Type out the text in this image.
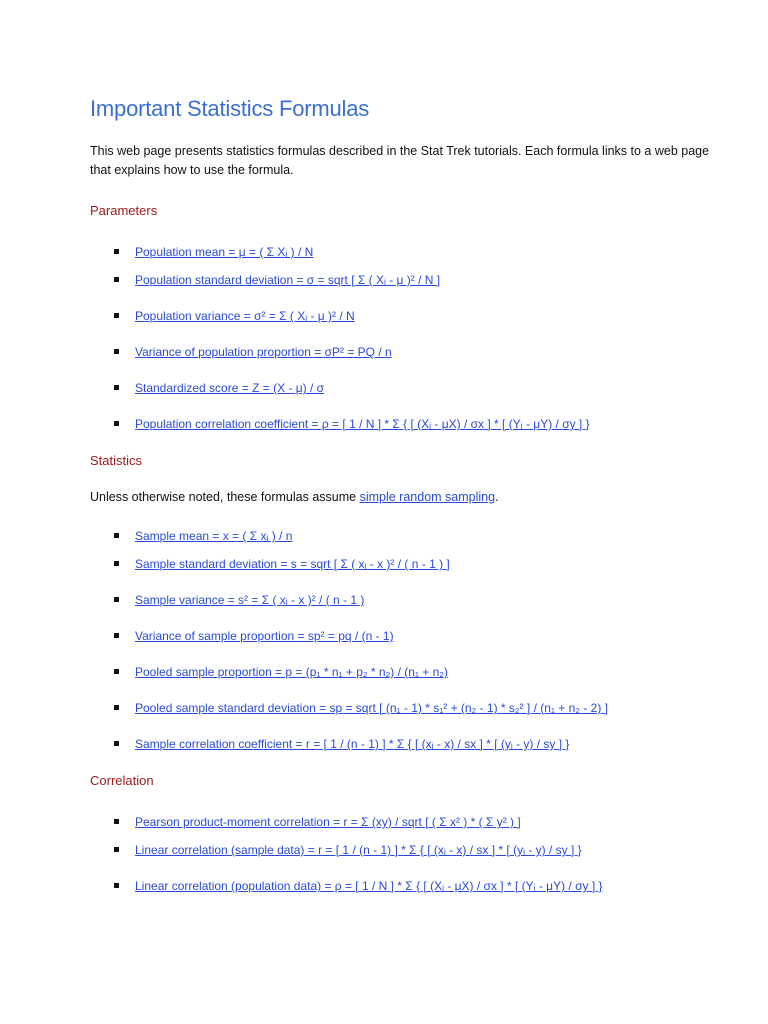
Important Statistics Formulas
This web page presents statistics formulas described in the Stat Trek tutorials. Each formula links to a web page that explains how to use the formula.
Parameters
Population mean = μ = ( Σ Xᵢ ) / N
Population standard deviation = σ = sqrt [ Σ ( Xᵢ - μ )² / N ]
Population variance = σ² = Σ ( Xᵢ - μ )² / N
Variance of population proportion = σP² = PQ / n
Standardized score = Z = (X - μ) / σ
Population correlation coefficient = ρ = [ 1 / N ] * Σ { [ (Xᵢ - μX) / σx ] * [ (Yᵢ - μY) / σy ] }
Statistics
Unless otherwise noted, these formulas assume simple random sampling.
Sample mean = x = ( Σ xᵢ ) / n
Sample standard deviation = s = sqrt [ Σ ( xᵢ - x )² / ( n - 1 ) ]
Sample variance = s² = Σ ( xᵢ - x )² / ( n - 1 )
Variance of sample proportion = sp² = pq / (n - 1)
Pooled sample proportion = p = (p₁ * n₁ + p₂ * n₂) / (n₁ + n₂)
Pooled sample standard deviation = sp = sqrt [ (n₁ - 1) * s₁² + (n₂ - 1) * s₂² ] / (n₁ + n₂ - 2) ]
Sample correlation coefficient = r = [ 1 / (n - 1) ] * Σ { [ (xᵢ - x) / sx ] * [ (yᵢ - y) / sy ] }
Correlation
Pearson product-moment correlation = r = Σ (xy) / sqrt [ ( Σ x² ) * ( Σ y² ) ]
Linear correlation (sample data) = r = [ 1 / (n - 1) ] * Σ { [ (xᵢ - x) / sx ] * [ (yᵢ - y) / sy ] }
Linear correlation (population data) = ρ = [ 1 / N ] * Σ { [ (Xᵢ - μX) / σx ] * [ (Yᵢ - μY) / σy ] }
